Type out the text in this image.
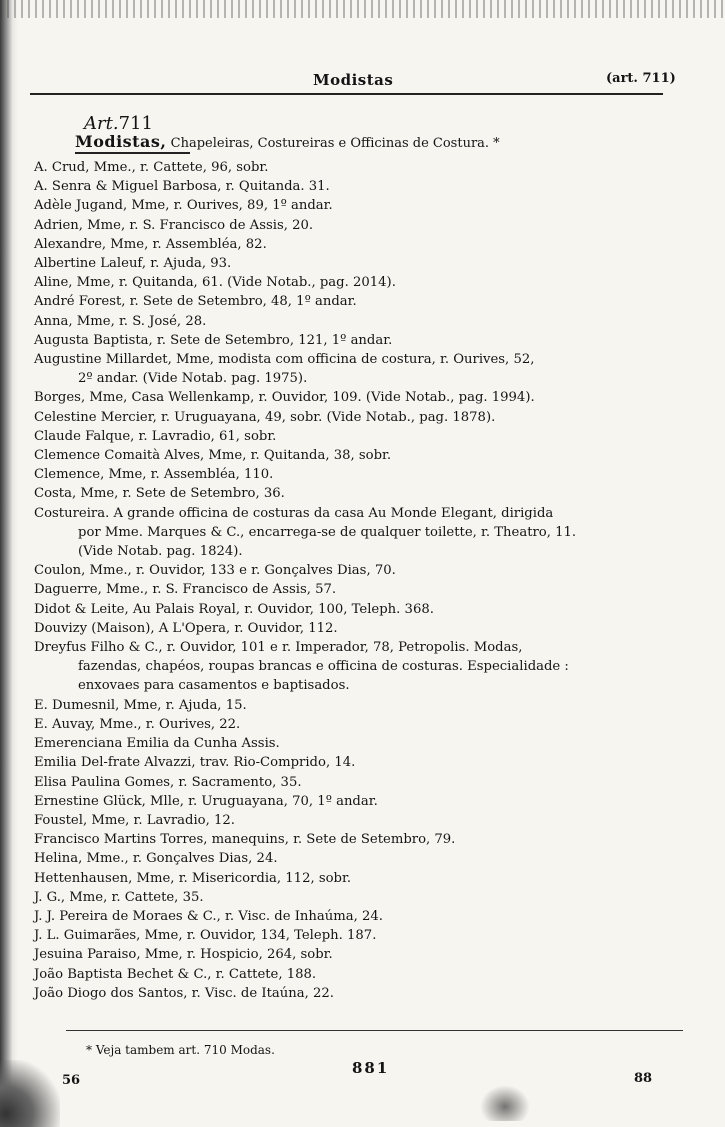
Modistas	(art. 711)
Art.711
Modistas, Chapeleiras, Costureiras e Officinas de Costura. *
A. Crud, Mme., r. Cattete, 96, sobr.
A. Senra & Miguel Barbosa, r. Quitanda. 31.
Adèle Jugand, Mme, r. Ourives, 89, 1º andar.
Adrien, Mme, r. S. Francisco de Assis, 20.
Alexandre, Mme, r. Assembléa, 82.
Albertine Laleuf, r. Ajuda, 93.
Aline, Mme, r. Quitanda, 61. (Vide Notab., pag. 2014).
André Forest, r. Sete de Setembro, 48, 1º andar.
Anna, Mme, r. S. José, 28.
Augusta Baptista, r. Sete de Setembro, 121, 1º andar.
Augustine Millardet, Mme, modista com officina de costura, r. Ourives, 52,
2º andar. (Vide Notab. pag. 1975).
Borges, Mme, Casa Wellenkamp, r. Ouvidor, 109. (Vide Notab., pag. 1994).
Celestine Mercier, r. Uruguayana, 49, sobr. (Vide Notab., pag. 1878).
Claude Falque, r. Lavradio, 61, sobr.
Clemence Comaità Alves, Mme, r. Quitanda, 38, sobr.
Clemence, Mme, r. Assembléa, 110.
Costa, Mme, r. Sete de Setembro, 36.
Costureira. A grande officina de costuras da casa Au Monde Elegant, dirigida
por Mme. Marques & C., encarrega-se de qualquer toilette, r. Theatro, 11.
(Vide Notab. pag. 1824).
Coulon, Mme., r. Ouvidor, 133 e r. Gonçalves Dias, 70.
Daguerre, Mme., r. S. Francisco de Assis, 57.
Didot & Leite, Au Palais Royal, r. Ouvidor, 100, Teleph. 368.
Douvizy (Maison), A L'Opera, r. Ouvidor, 112.
Dreyfus Filho & C., r. Ouvidor, 101 e r. Imperador, 78, Petropolis. Modas,
fazendas, chapéos, roupas brancas e officina de costuras. Especialidade :
enxovaes para casamentos e baptisados.
E. Dumesnil, Mme, r. Ajuda, 15.
E. Auvay, Mme., r. Ourives, 22.
Emerenciana Emilia da Cunha Assis.
Emilia Del-frate Alvazzi, trav. Rio-Comprido, 14.
Elisa Paulina Gomes, r. Sacramento, 35.
Ernestine Glück, Mlle, r. Uruguayana, 70, 1º andar.
Foustel, Mme, r. Lavradio, 12.
Francisco Martins Torres, manequins, r. Sete de Setembro, 79.
Helina, Mme., r. Gonçalves Dias, 24.
Hettenhausen, Mme, r. Misericordia, 112, sobr.
J. G., Mme, r. Cattete, 35.
J. J. Pereira de Moraes & C., r. Visc. de Inhaúma, 24.
J. L. Guimarães, Mme, r. Ouvidor, 134, Teleph. 187.
Jesuina Paraiso, Mme, r. Hospicio, 264, sobr.
João Baptista Bechet & C., r. Cattete, 188.
João Diogo dos Santos, r. Visc. de Itaúna, 22.
* Veja tambem art. 710 Modas.
881
56	88
